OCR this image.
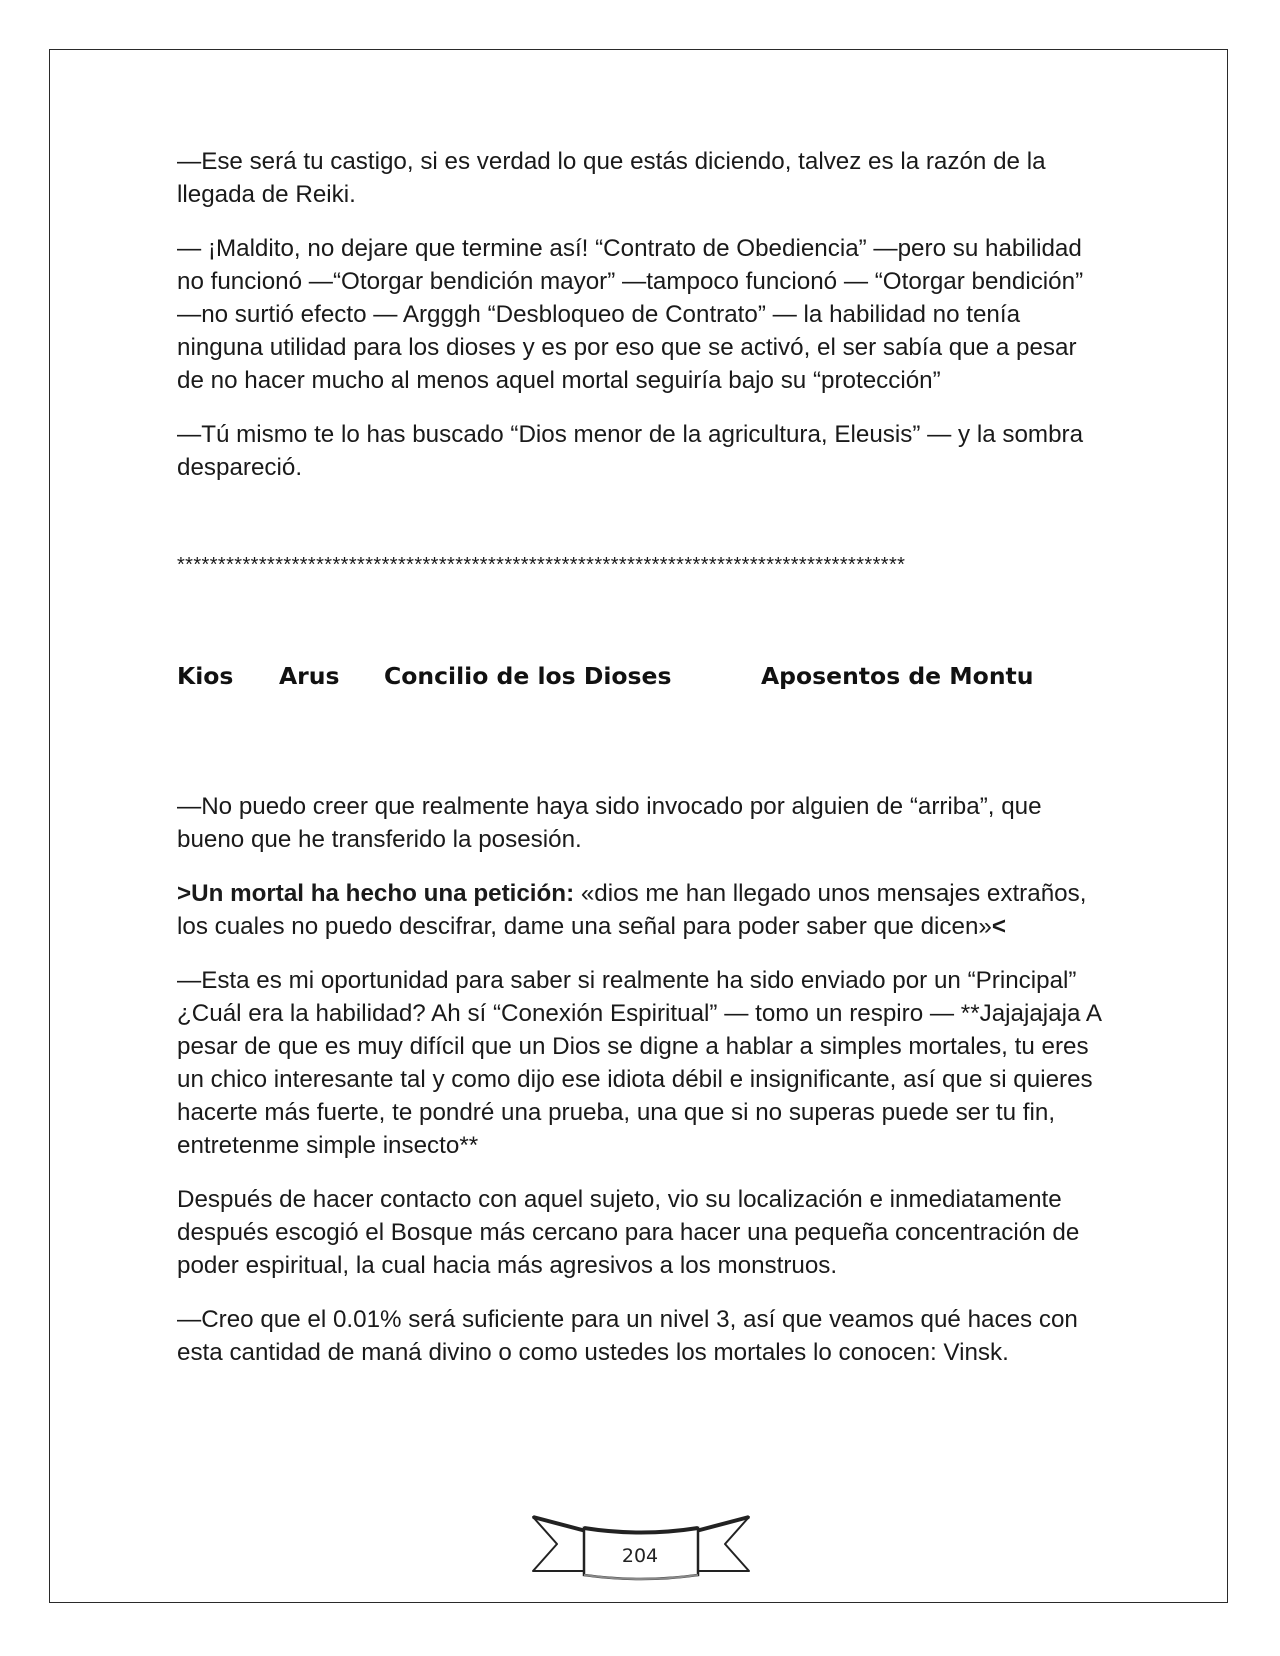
—Ese será tu castigo, si es verdad lo que estás diciendo, talvez es la razón de la llegada de Reiki.

— ¡Maldito, no dejare que termine así! “Contrato de Obediencia” —pero su habilidad no funcionó —“Otorgar bendición mayor” —tampoco funcionó — “Otorgar bendición” —no surtió efecto — Argggh “Desbloqueo de Contrato” — la habilidad no tenía ninguna utilidad para los dioses y es por eso que se activó, el ser sabía que a pesar de no hacer mucho al menos aquel mortal seguiría bajo su “protección”

—Tú mismo te lo has buscado “Dios menor de la agricultura, Eleusis” — y la sombra despareció.

*****************************************************************************************
Kios	Arus	Concilio de los Dioses	Aposentos de Montu

—No puedo creer que realmente haya sido invocado por alguien de “arriba”, que bueno que he transferido la posesión.

>Un mortal ha hecho una petición: «dios me han llegado unos mensajes extraños, los cuales no puedo descifrar, dame una señal para poder saber que dicen»<

—Esta es mi oportunidad para saber si realmente ha sido enviado por un “Principal” ¿Cuál era la habilidad? Ah sí “Conexión Espiritual” — tomo un respiro — **Jajajajaja A pesar de que es muy difícil que un Dios se digne a hablar a simples mortales, tu eres un chico interesante tal y como dijo ese idiota débil e insignificante, así que si quieres hacerte más fuerte, te pondré una prueba, una que si no superas puede ser tu fin, entretenme simple insecto**

Después de hacer contacto con aquel sujeto, vio su localización e inmediatamente después escogió el Bosque más cercano para hacer una pequeña concentración de poder espiritual, la cual hacia más agresivos a los monstruos.

—Creo que el 0.01% será suficiente para un nivel 3, así que veamos qué haces con esta cantidad de maná divino o como ustedes los mortales lo conocen: Vinsk.

204
